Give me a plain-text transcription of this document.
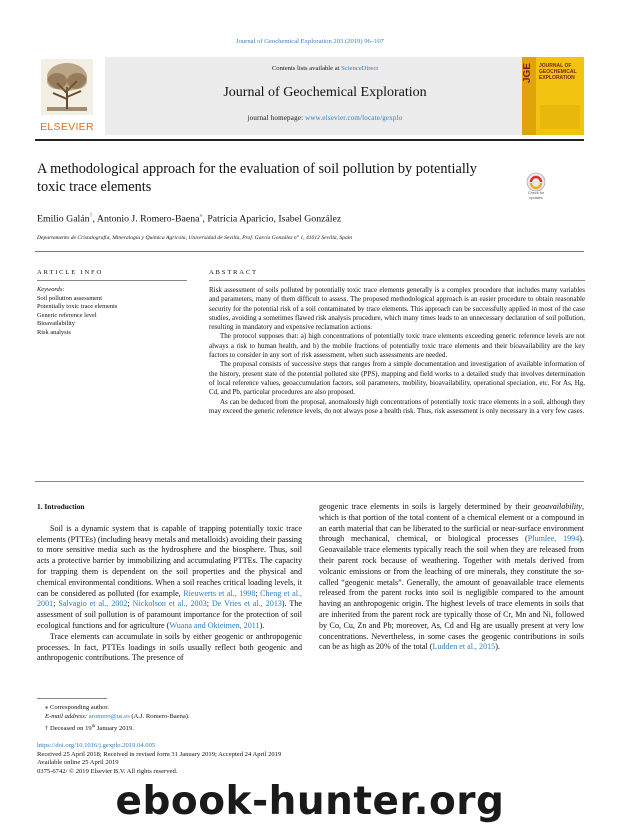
Journal of Geochemical Exploration 203 (2019) 96–107
ELSEVIER
Contents lists available at ScienceDirect
Journal of Geochemical Exploration
journal homepage: www.elsevier.com/locate/gexplo
JGE	JOURNAL OF GEOCHEMICAL EXPLORATION
A methodological approach for the evaluation of soil pollution by potentially toxic trace elements	Check for updates
Emilio Galán†, Antonio J. Romero-Baena⁎, Patricia Aparicio, Isabel González
Departamento de Cristalografía, Mineralogía y Química Agrícola, Universidad de Sevilla, Prof. García González n° 1, 41012 Sevilla, Spain
ARTICLE INFO
Keywords:
Soil pollution assessment
Potentially toxic trace elements
Generic reference level
Bioavailability
Risk analysis
ABSTRACT

Risk assessment of soils polluted by potentially toxic trace elements generally is a complex procedure that includes many variables and parameters, many of them difficult to assess. The proposed methodological approach is an easier procedure to obtain reasonable security for the potential risk of a soil contaminated by trace elements. This approach can be successfully applied in most of the case studies, avoiding a sometimes flawed risk analysis procedure, which many times leads to an unnecessary declaration of soil pollution, resulting in mandatory and expensive reclamation actions.

The protocol supposes that: a) high concentrations of potentially toxic trace elements exceeding generic reference levels are not always a risk to human health, and b) the mobile fractions of potentially toxic trace elements and their bioavailability are the key factors to consider in any sort of risk assessment, when such assessments are needed.

The proposal consists of successive steps that ranges from a simple documentation and investigation of available information of the history, present state of the potential polluted site (PPS), mapping and field works to a detailed study that involves determination of local reference values, geoaccumulation factors, soil parameters, mobility, bioavailability, operational speciation, etc. For As, Hg, Cd, and Pb, particular procedures are also proposed.

As can be deduced from the proposal, anomalously high concentrations of potentially toxic trace elements in a soil, although they may exceed the generic reference levels, do not always pose a health risk. Thus, risk assessment is only necessary in a very few cases.

1. Introduction

Soil is a dynamic system that is capable of trapping potentially toxic trace elements (PTTEs) (including heavy metals and metalloids) avoiding their passing to more sensitive media such as the hydrosphere and the biosphere. Thus, soil acts a protective barrier by immobilizing and accumulating PTTEs. The capacity for trapping them is dependent on the soil properties and the physical and chemical environmental conditions. When a soil reaches critical loading levels, it can be considered as polluted (for example, Rieuwerts et al., 1998; Cheng et al., 2001; Salvagio et al., 2002; Nickolson et al., 2003; De Vries et al., 2013). The assessment of soil pollution is of paramount importance for the protection of soil ecological functions and for agriculture (Wuana and Okieimen, 2011).

Trace elements can accumulate in soils by either geogenic or anthropogenic processes. In fact, PTTEs loadings in soils usually reflect both geogenic and anthropogenic contributions. The presence of

geogenic trace elements in soils is largely determined by their geoavailability, which is that portion of the total content of a chemical element or a compound in an earth material that can be liberated to the surficial or near-surface environment through mechanical, chemical, or biological processes (Plumlee, 1994). Geoavailable trace elements typically reach the soil when they are released from their parent rock because of weathering. Together with metals derived from volcanic emissions or from the leaching of ore minerals, they constitute the so-called “geogenic metals”. Generally, the amount of geoavailable trace elements released from the parent rocks into soil is negligible compared to the amount having an anthropogenic origin. The highest levels of trace elements in soils that are inherited from the parent rock are typically those of Cr, Mn and Ni, followed by Co, Cu, Zn and Pb; moreover, As, Cd and Hg are usually present at very low concentrations. Nevertheless, in some cases the geogenic contributions in soils can be as high as 20% of the total (Ludden et al., 2015).

⁎ Corresponding author.
E-mail address: aromero@us.es (A.J. Romero-Baena).
† Deceased on 19th January 2019.
https://doi.org/10.1016/j.gexplo.2019.04.005
Received 25 April 2018; Received in revised form 31 January 2019; Accepted 24 April 2019
Available online 25 April 2019
0375-6742/ © 2019 Elsevier B.V. All rights reserved.
ebook-hunter.org
